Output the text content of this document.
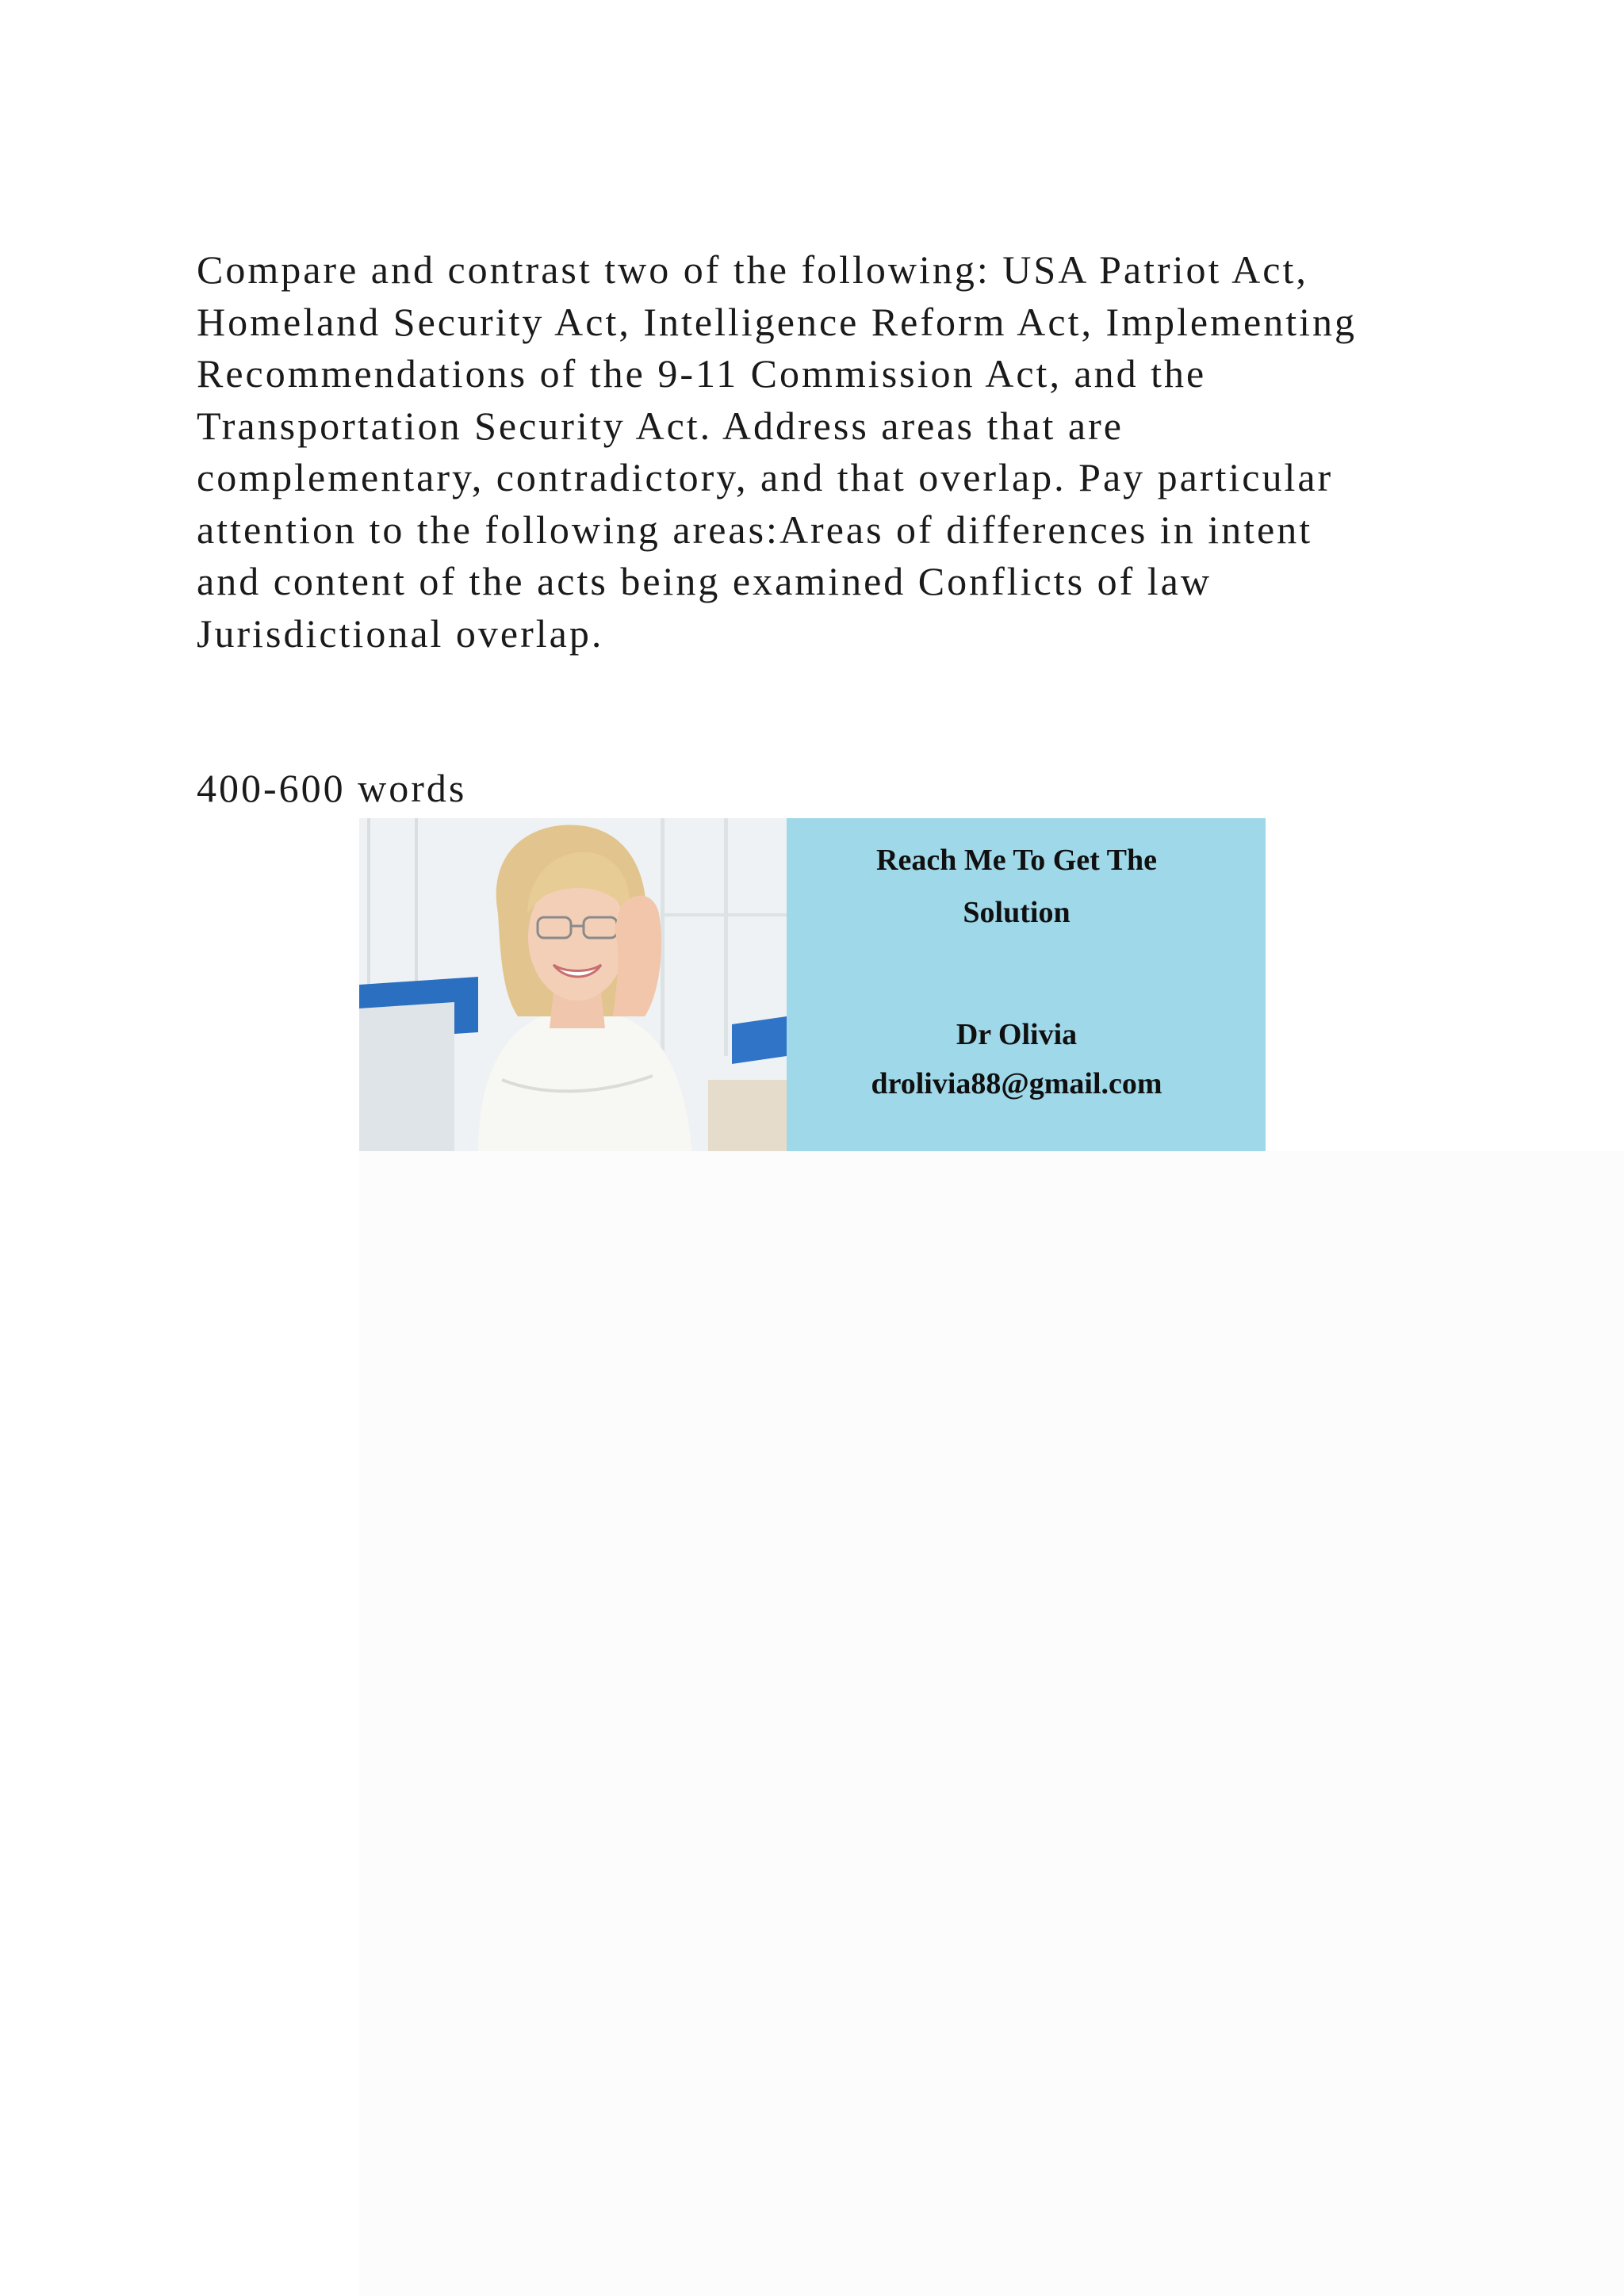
Compare and contrast two of the following: USA Patriot Act,
Homeland Security Act, Intelligence Reform Act, Implementing
Recommendations of the 9-11 Commission Act, and the
Transportation Security Act. Address areas that are
complementary, contradictory, and that overlap. Pay particular
attention to the following areas:Areas of differences in intent
and content of the acts being examined Conflicts of law
Jurisdictional overlap.

400-600 words

Reach Me To Get The
Solution
Dr Olivia
drolivia88@gmail.com
